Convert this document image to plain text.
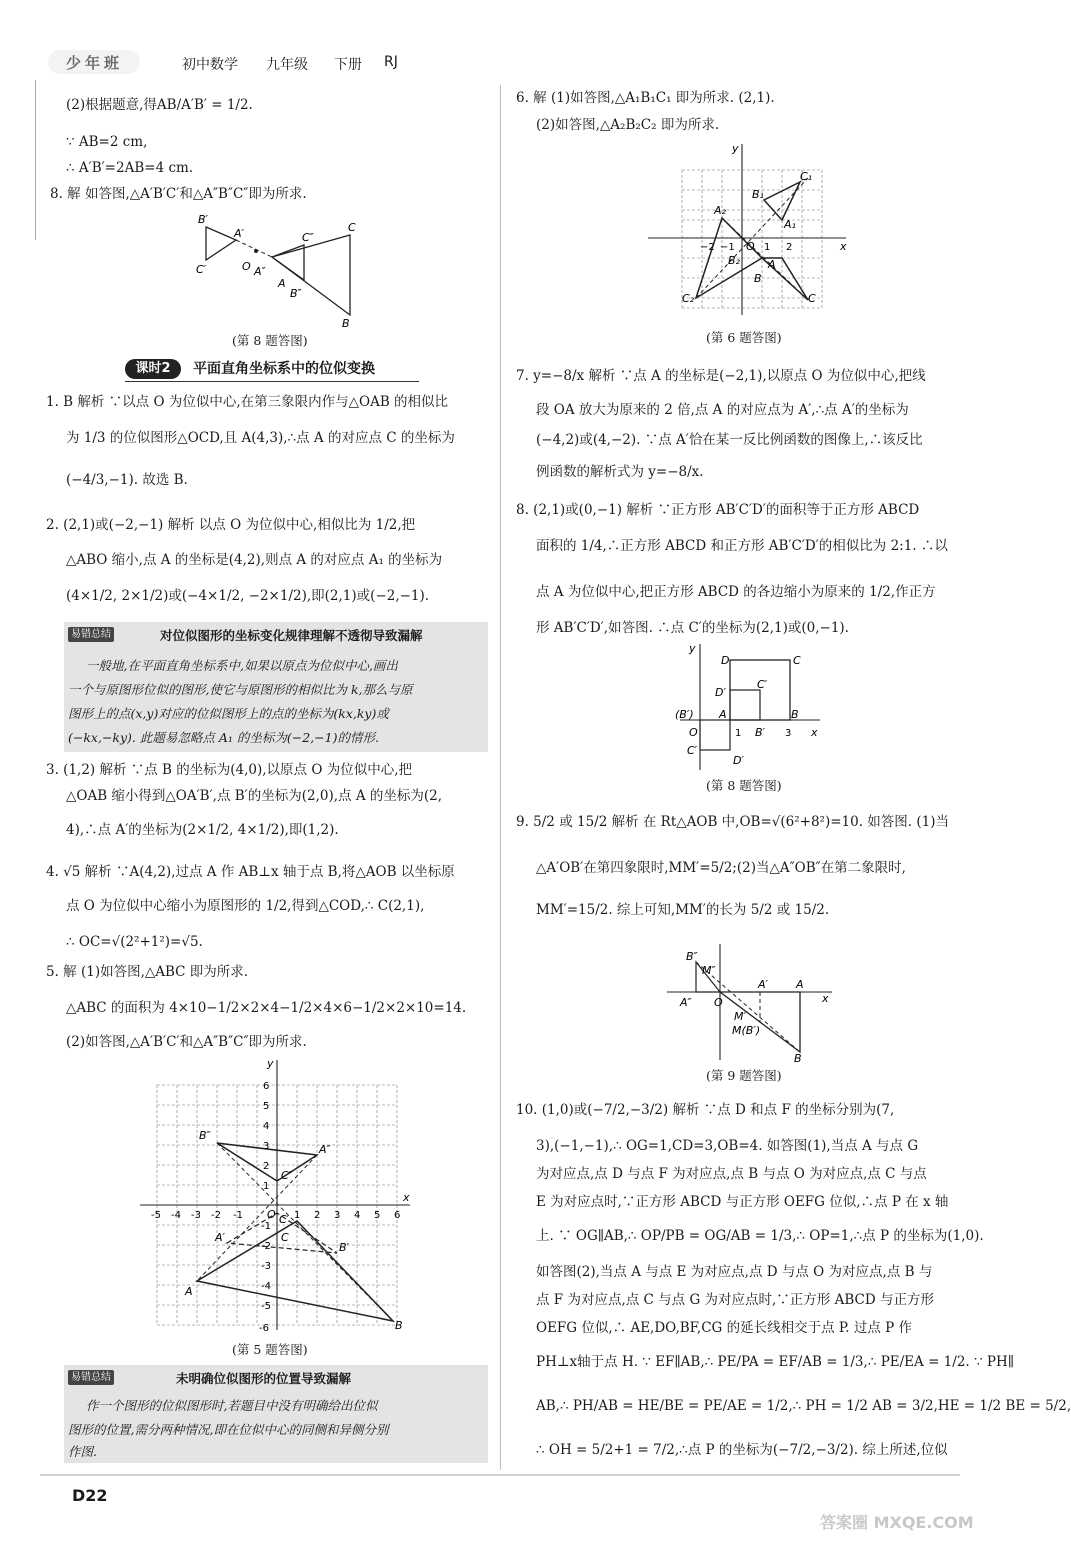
少年班	初中数学 九年级 下册 RJ
(2)根据题意,得AB/A′B′ = 1/2.
∵ AB=2 cm,
∴ A′B′=2AB=4 cm.
8. 解 如答图,△A′B′C′和△A″B″C″即为所求.
B′
A′
C′	O A″
C″
C
A
B″
B
(第 8 题答图)
课时2	平面直角坐标系中的位似变换
1. B 解析 ∵以点 O 为位似中心,在第三象限内作与△OAB 的相似比
为 1/3 的位似图形△OCD,且 A(4,3),∴点 A 的对应点 C 的坐标为
(−4/3,−1). 故选 B.
2. (2,1)或(−2,−1) 解析 以点 O 为位似中心,相似比为 1/2,把
△ABO 缩小,点 A 的坐标是(4,2),则点 A 的对应点 A₁ 的坐标为
(4×1/2, 2×1/2)或(−4×1/2, −2×1/2),即(2,1)或(−2,−1).
易错总结	对位似图形的坐标变化规律理解不透彻导致漏解
一般地,在平面直角坐标系中,如果以原点为位似中心,画出
一个与原图形位似的图形,使它与原图形的相似比为 k,那么与原
图形上的点(x,y)对应的位似图形上的点的坐标为(kx,ky)或
(−kx,−ky). 此题易忽略点 A₁ 的坐标为(−2,−1)的情形.
3. (1,2) 解析 ∵点 B 的坐标为(4,0),以原点 O 为位似中心,把
△OAB 缩小得到△OA′B′,点 B′的坐标为(2,0),点 A 的坐标为(2,
4),∴点 A′的坐标为(2×1/2, 4×1/2),即(1,2).
4. √5 解析 ∵A(4,2),过点 A 作 AB⊥x 轴于点 B,将△AOB 以坐标原
点 O 为位似中心缩小为原图形的 1/2,得到△COD,∴ C(2,1),
∴ OC=√(2²+1²)=√5.
5. 解 (1)如答图,△ABC 即为所求.
△ABC 的面积为 4×10−1/2×2×4−1/2×4×6−1/2×2×10=14.
(2)如答图,△A′B′C′和△A″B″C″即为所求.
y
6
5
4
3
2
1
-1
-2
-3
-4
-5
-6
-5 -4 -3 -2 -1	1 2 3 4 5 6
x
O
B″
A″
C″
C′
C
B′
A′
A
B
(第 5 题答图)
易错总结	未明确位似图形的位置导致漏解
作一个图形的位似图形时,若题目中没有明确给出位似
图形的位置,需分两种情况,即在位似中心的同侧和异侧分别
作图.
6. 解 (1)如答图,△A₁B₁C₁ 即为所求. (2,1).
(2)如答图,△A₂B₂C₂ 即为所求.
y
C₁
B₁
A₂
A₁
−2 −1 O 1 2	x
B₂	A
B
C₂	C
(第 6 题答图)
7. y=−8/x 解析 ∵点 A 的坐标是(−2,1),以原点 O 为位似中心,把线
段 OA 放大为原来的 2 倍,点 A 的对应点为 A′,∴点 A′的坐标为
(−4,2)或(4,−2). ∵点 A′恰在某一反比例函数的图像上,∴该反比
例函数的解析式为 y=−8/x.
8. (2,1)或(0,−1) 解析 ∵正方形 AB′C′D′的面积等于正方形 ABCD
面积的 1/4,∴正方形 ABCD 和正方形 AB′C′D′的相似比为 2:1. ∴以
点 A 为位似中心,把正方形 ABCD 的各边缩小为原来的 1/2,作正方
形 AB′C′D′,如答图. ∴点 C′的坐标为(2,1)或(0,−1).
y
D	C
D′
C′
(B′) A	B
O	1 B′ 3 x
C′
D′
(第 8 题答图)
9. 5/2 或 15/2 解析 在 Rt△AOB 中,OB=√(6²+8²)=10. 如答图. (1)当
△A′OB′在第四象限时,MM′=5/2;(2)当△A″OB″在第二象限时,
MM′=15/2. 综上可知,MM′的长为 5/2 或 15/2.
B″
M″
A″
A′	A
x
O
M′
M(B′)
B
(第 9 题答图)
10. (1,0)或(−7/2,−3/2) 解析 ∵点 D 和点 F 的坐标分别为(7,
3),(−1,−1),∴ OG=1,CD=3,OB=4. 如答图(1),当点 A 与点 G
为对应点,点 D 与点 F 为对应点,点 B 与点 O 为对应点,点 C 与点
E 为对应点时,∵正方形 ABCD 与正方形 OEFG 位似,∴点 P 在 x 轴
上. ∵ OG∥AB,∴ OP/PB = OG/AB = 1/3,∴ OP=1,∴点 P 的坐标为(1,0).
如答图(2),当点 A 与点 E 为对应点,点 D 与点 O 为对应点,点 B 与
点 F 为对应点,点 C 与点 G 为对应点时,∵正方形 ABCD 与正方形
OEFG 位似,∴ AE,DO,BF,CG 的延长线相交于点 P. 过点 P 作
PH⊥x轴于点 H. ∵ EF∥AB,∴ PE/PA = EF/AB = 1/3,∴ PE/EA = 1/2. ∵ PH∥
AB,∴ PH/AB = HE/BE = PE/AE = 1/2,∴ PH = 1/2 AB = 3/2,HE = 1/2 BE = 5/2,
∴ OH = 5/2+1 = 7/2,∴点 P 的坐标为(−7/2,−3/2). 综上所述,位似
D22
答案圈 MXQE.COM
